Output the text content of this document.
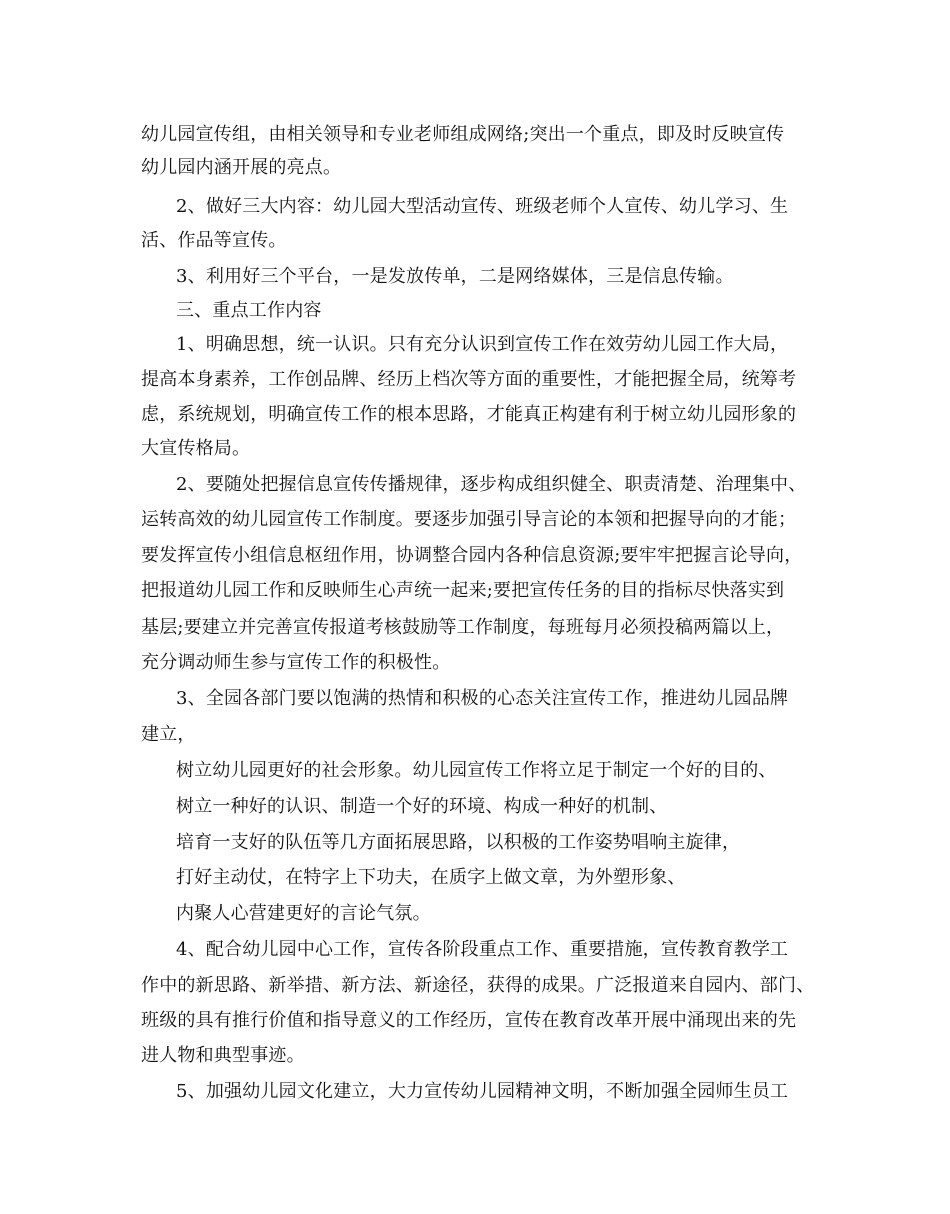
幼儿园宣传组，由相关领导和专业老师组成网络;突出一个重点，即及时反映宣传
幼儿园内涵开展的亮点。
2、做好三大内容：幼儿园大型活动宣传、班级老师个人宣传、幼儿学习、生
活、作品等宣传。
3、利用好三个平台，一是发放传单，二是网络媒体，三是信息传输。
三、重点工作内容
1、明确思想，统一认识。只有充分认识到宣传工作在效劳幼儿园工作大局，
提高本身素养，工作创品牌、经历上档次等方面的重要性，才能把握全局，统筹考
虑，系统规划，明确宣传工作的根本思路，才能真正构建有利于树立幼儿园形象的
大宣传格局。
2、要随处把握信息宣传传播规律，逐步构成组织健全、职责清楚、治理集中、
运转高效的幼儿园宣传工作制度。要逐步加强引导言论的本领和把握导向的才能；
要发挥宣传小组信息枢纽作用，协调整合园内各种信息资源;要牢牢把握言论导向，
把报道幼儿园工作和反映师生心声统一起来;要把宣传任务的目的指标尽快落实到
基层;要建立并完善宣传报道考核鼓励等工作制度，每班每月必须投稿两篇以上，
充分调动师生参与宣传工作的积极性。
3、全园各部门要以饱满的热情和积极的心态关注宣传工作，推进幼儿园品牌
建立，
树立幼儿园更好的社会形象。幼儿园宣传工作将立足于制定一个好的目的、
树立一种好的认识、制造一个好的环境、构成一种好的机制、
培育一支好的队伍等几方面拓展思路，以积极的工作姿势唱响主旋律，
打好主动仗，在特字上下功夫，在质字上做文章，为外塑形象、
内聚人心营建更好的言论气氛。
4、配合幼儿园中心工作，宣传各阶段重点工作、重要措施，宣传教育教学工
作中的新思路、新举措、新方法、新途径，获得的成果。广泛报道来自园内、部门、
班级的具有推行价值和指导意义的工作经历，宣传在教育改革开展中涌现出来的先
进人物和典型事迹。
5、加强幼儿园文化建立，大力宣传幼儿园精神文明，不断加强全园师生员工
